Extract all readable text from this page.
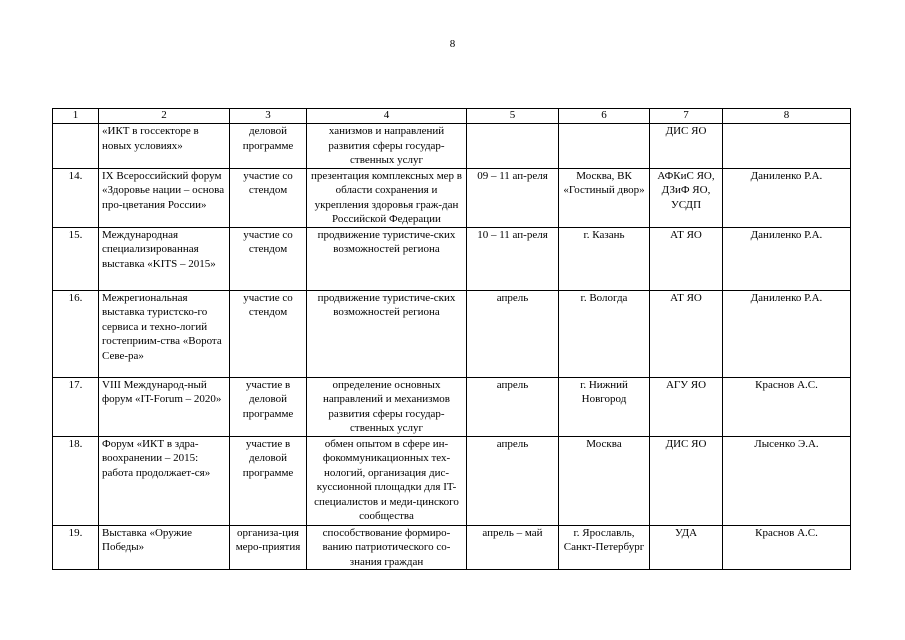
8
1	2	3	4	5	6	7	8
	«ИКТ в госсекторе в новых условиях»	деловой программе	ханизмов и направлений развития сферы государ-ственных услуг			ДИС ЯО	
14.	IX Всероссийский форум «Здоровье нации – основа про-цветания России»	участие со стендом	презентация комплексных мер в области сохранения и укрепления здоровья граж-дан Российской Федерации	09 – 11 ап-реля	Москва, ВК «Гостиный двор»	АФКиС ЯО, ДЗиФ ЯО, УСДП	Даниленко Р.А.
15.	Международная специализированная выставка «KITS – 2015»	участие со стендом	продвижение туристиче-ских возможностей региона	10 – 11 ап-реля	г. Казань	АТ ЯО	Даниленко Р.А.
16.	Межрегиональная выставка туристско-го сервиса и техно-логий гостеприим-ства «Ворота Севе-ра»	участие со стендом	продвижение туристиче-ских возможностей региона	апрель	г. Вологда	АТ ЯО	Даниленко Р.А.
17.	VIII Международ-ный форум «IT-Forum – 2020»	участие в деловой программе	определение основных направлений и механизмов развития сферы государ-ственных услуг	апрель	г. Нижний Новгород	АГУ ЯО	Краснов А.С.
18.	Форум «ИКТ в здра-воохранении – 2015: работа продолжает-ся»	участие в деловой программе	обмен опытом в сфере ин-фокоммуникационных тех-нологий, организация дис-куссионной площадки для IT-специалистов и меди-цинского сообщества	апрель	Москва	ДИС ЯО	Лысенко Э.А.
19.	Выставка «Оружие Победы»	организа-ция меро-приятия	способствование формиро-ванию патриотического со-знания граждан	апрель – май	г. Ярославль, Санкт-Петербург	УДА	Краснов А.С.
